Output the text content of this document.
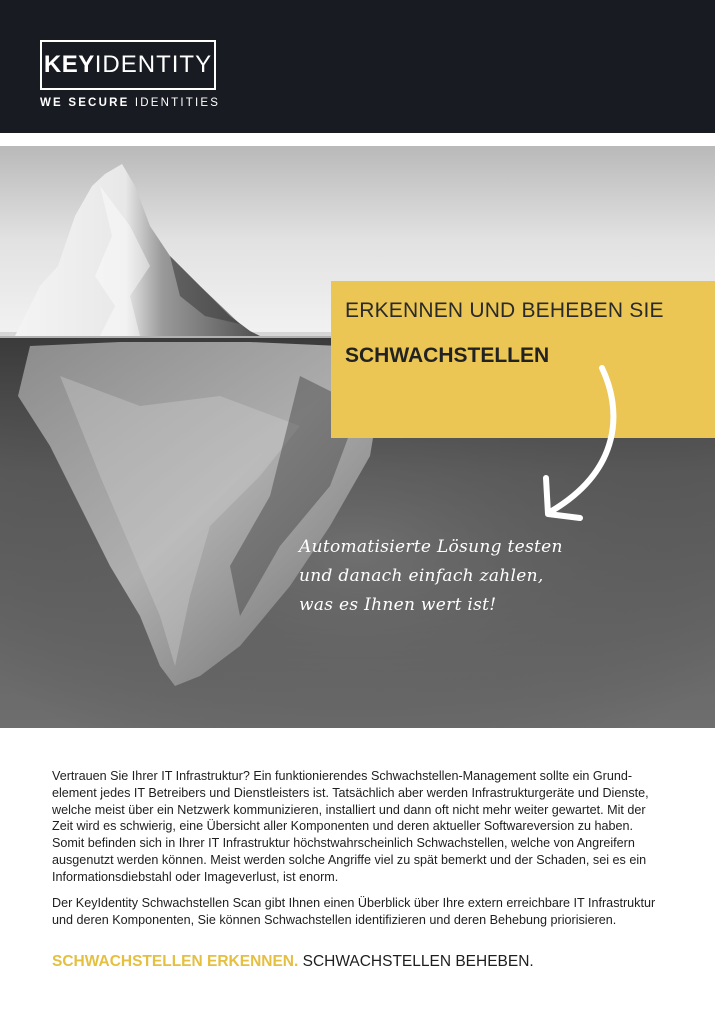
KEYIDENTITY
WE SECURE IDENTITIES
ERKENNEN UND BEHEBEN SIE
SCHWACHSTELLEN
Automatisierte Lösung testen
und danach einfach zahlen,
was es Ihnen wert ist!

Vertrauen Sie Ihrer IT Infrastruktur? Ein funktionierendes Schwachstellen-Management sollte ein Grund-

element jedes IT Betreibers und Dienstleisters ist. Tatsächlich aber werden Infrastrukturgeräte und Dienste,

welche meist über ein Netzwerk kommunizieren, installiert und dann oft nicht mehr weiter gewartet. Mit der

Zeit wird es schwierig, eine Übersicht aller Komponenten und deren aktueller Softwareversion zu haben.

Somit befinden sich in Ihrer IT Infrastruktur höchstwahrscheinlich Schwachstellen, welche von Angreifern

ausgenutzt werden können. Meist werden solche Angriffe viel zu spät bemerkt und der Schaden, sei es ein

Informationsdiebstahl oder Imageverlust, ist enorm.

Der KeyIdentity Schwachstellen Scan gibt Ihnen einen Überblick über Ihre extern erreichbare IT Infrastruktur

und deren Komponenten, Sie können Schwachstellen identifizieren und deren Behebung priorisieren.

SCHWACHSTELLEN ERKENNEN. SCHWACHSTELLEN BEHEBEN.
